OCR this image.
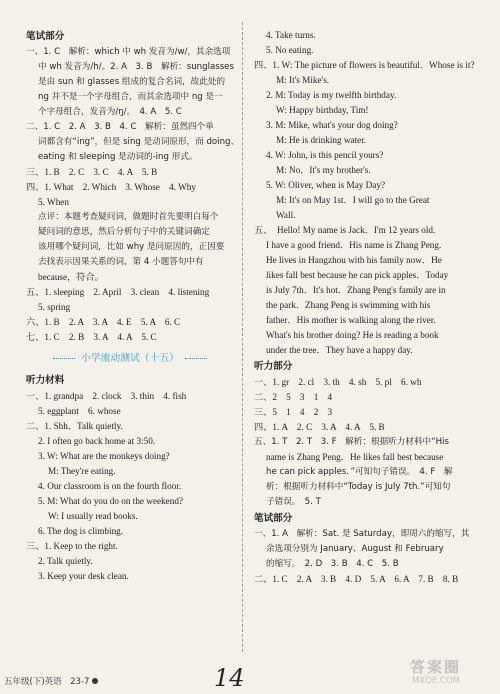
笔试部分
一、1. C　解析：which 中 wh 发音为/w/，其余选项
中 wh 发音为/h/。2. A　3. B　解析：sunglasses
是由 sun 和 glasses 组成的复合名词，故此处的
ng 并不是一个字母组合，而其余选项中 ng 是一
个字母组合，发音为/ŋ/。　4. A　5. C
二、1. C　2. A　3. B　4. C　解析：虽然四个单
词都含有“ing”，但是 sing 是动词原形，而 doing、
eating 和 sleeping 是动词的-ing 形式。
三、1. B　2. C　3. C　4. A　5. B
四、1. What　2. Which　3. Whose　4. Why
5. When
点评：本题考查疑问词，做题时首先要明白每个
疑问词的意思，然后分析句子中的关键词确定
该用哪个疑问词，比如 why 是问原因的，正因要
去找表示因果关系的词，第 4 小题答句中有
because，符合。
五、1. sleeping　2. April　3. clean　4. listening
5. spring
六、1. B　2. A　3. A　4. E　5. A　6. C
七、1. C　2. B　3. A　4. A　5. C
小学滚动测试（十五）
听力材料
一、1. grandpa　2. clock　3. thin　4. fish
5. eggplant　6. whose
二、1. Shh．Talk quietly.
2. I often go back home at 3:50.
3. W: What are the monkeys doing?
M: They're eating.
4. Our classroom is on the fourth floor.
5. M: What do you do on the weekend?
W: I usually read books.
6. The dog is climbing.
三、1. Keep to the right.
2. Talk quietly.
3. Keep your desk clean.
4. Take turns.
5. No eating.
四、1. W: The picture of flowers is beautiful．Whose is it?
M: It's Mike's.
2. M: Today is my twelfth birthday.
W: Happy birthday, Tim!
3. M: Mike, what's your dog doing?
M: He is drinking water.
4. W: John, is this pencil yours?
M: No．It's my brother's.
5. W: Oliver, when is May Day?
M: It's on May 1st．I will go to the Great
Wall.
五、　Hello! My name is Jack．I'm 12 years old.
I have a good friend．His name is Zhang Peng.
He lives in Hangzhou with his family now．He
likes fall best because he can pick apples．Today
is July 7th．It's hot．Zhang Peng's family are in
the park．Zhang Peng is swimming with his
father．His mother is walking along the river.
What's his brother doing? He is reading a book
under the tree．They have a happy day.
听力部分
一、1. gr　2. cl　3. th　4. sh　5. pl　6. wh
二、2　5　3　1　4
三、5　1　4　2　3
四、1. A　2. C　3. A　4. A　5. B
五、1. T　2. T　3. F　解析：根据听力材料中“His
name is Zhang Peng．He likes fall best because
he can pick apples．”可知句子错误。　4. F　解
析：根据听力材料中“Today is July 7th.”可知句
子错误。　5. T
笔试部分
一、1. A　解析：Sat. 是 Saturday，即周六的缩写，其
余选项分别为 January、August 和 February
的缩写。　2. D　3. B　4. C　5. B
二、1. C　2. A　3. B　4. D　5. A　6. A　7. B　8. B
五年级(下)英语　23-7	14	答案圈
MXQE.COM
